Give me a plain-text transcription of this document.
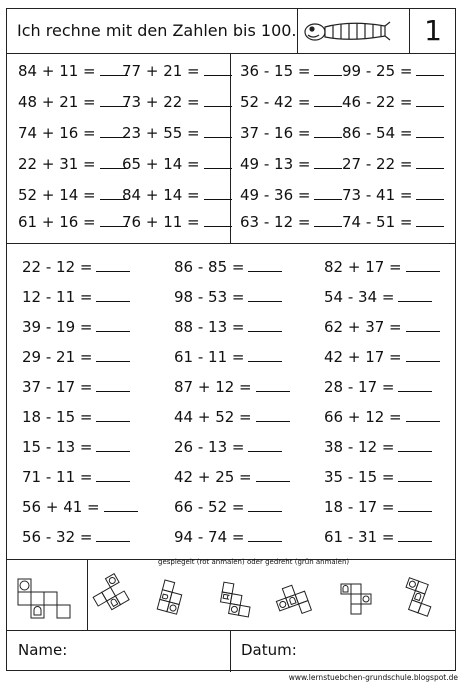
Ich rechne mit den Zahlen bis 100.	1
84 + 11 =	77 + 21 =
48 + 21 =	73 + 22 =
74 + 16 =	23 + 55 =
22 + 31 =	65 + 14 =
52 + 14 =	84 + 14 =
61 + 16 =	76 + 11 =
36 - 15 =	99 - 25 =
52 - 42 =	46 - 22 =
37 - 16 =	86 - 54 =
49 - 13 =	27 - 22 =
49 - 36 =	73 - 41 =
63 - 12 =	74 - 51 =
22 - 12 =	86 - 85 =	82 + 17 =
12 - 11 =	98 - 53 =	54 - 34 =
39 - 19 =	88 - 13 =	62 + 37 =
29 - 21 =	61 - 11 =	42 + 17 =
37 - 17 =	87 + 12 =	28 - 17 =
18 - 15 =	44 + 52 =	66 + 12 =
15 - 13 =	26 - 13 =	38 - 12 =
71 - 11 =	42 + 25 =	35 - 15 =
56 + 41 =	66 - 52 =	18 - 17 =
56 - 32 =	94 - 74 =	61 - 31 =
gespiegelt (rot anmalen) oder gedreht (grün anmalen)
Name:	Datum:
www.lernstuebchen-grundschule.blogspot.de
